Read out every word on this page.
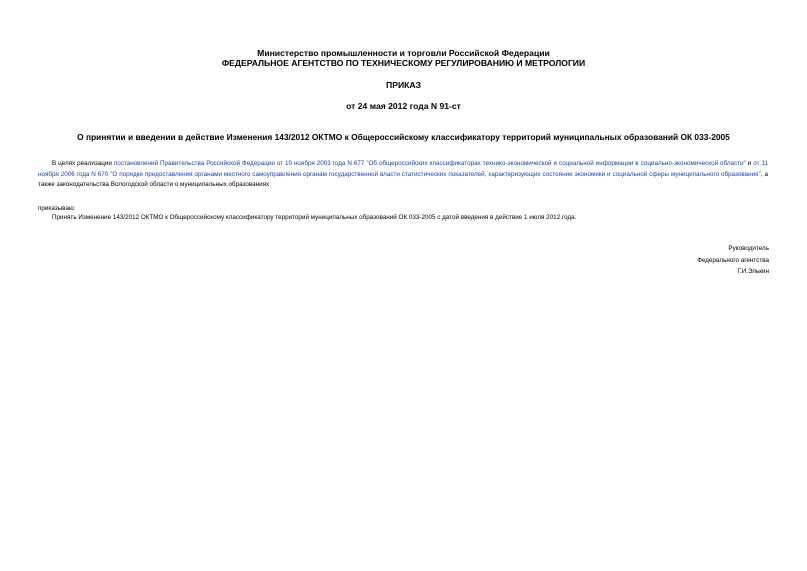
Министерство промышленности и торговли Российской Федерации
ФЕДЕРАЛЬНОЕ АГЕНТСТВО ПО ТЕХНИЧЕСКОМУ РЕГУЛИРОВАНИЮ И МЕТРОЛОГИИ
ПРИКАЗ
от 24 мая 2012 года N 91-ст
О принятии и введении в действие Изменения 143/2012 ОКТМО к Общероссийскому классификатору территорий муниципальных образований ОК 033-2005
В целях реализации постановлений Правительства Российской Федерации от 10 ноября 2003 года N 677 "Об общероссийских классификаторах технико-экономической и социальной информации в социально-экономической области" и от 11 ноября 2006 года N 670 "О порядке предоставления органами местного самоуправления органам государственной власти статистических показателей, характеризующих состояние экономики и социальной сферы муниципального образования", а также законодательства Вологодской области о муниципальных образованиях
приказываю:
Принять Изменение 143/2012 ОКТМО к Общероссийскому классификатору территорий муниципальных образований ОК 033-2005 с датой введения в действие 1 июля 2012 года.
Руководитель
Федерального агентства
Г.И.Элькин
